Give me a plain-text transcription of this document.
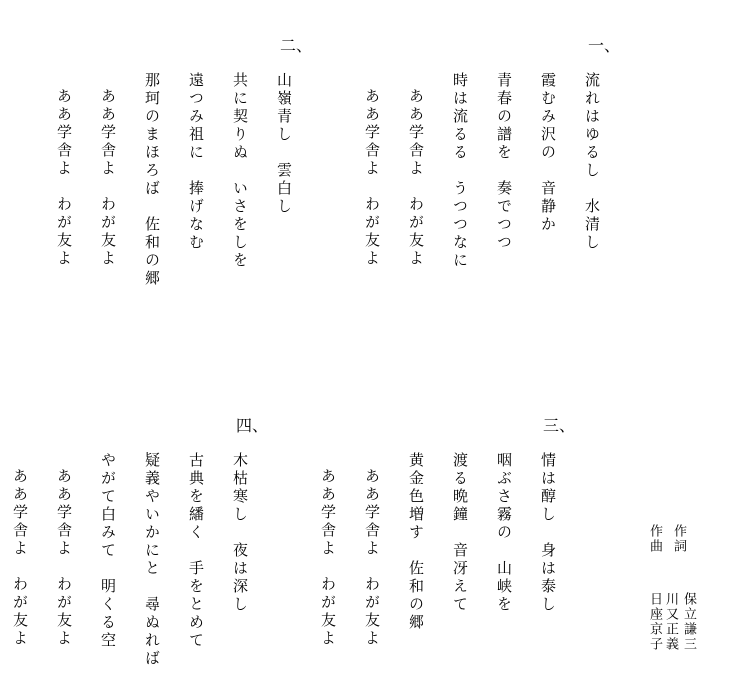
一、
流れはゆるし　水清し
霞むみ沢の　音静か
青春の譜を　奏でつつ
時は流るる　うつつなに
ああ学舎よ　わが友よ
ああ学舎よ　わが友よ
二、
山嶺青し　雲白し
共に契りぬ　いさをしを
遠つみ祖に　捧げなむ
那珂のまほろば　佐和の郷
ああ学舎よ　わが友よ
ああ学舎よ　わが友よ
三、
情は醇し　身は泰し
咽ぶさ霧の　山峡を
渡る晩鐘　音冴えて
黄金色増す　佐和の郷
ああ学舎よ　わが友よ
ああ学舎よ　わが友よ
四、
木枯寒し　夜は深し
古典を繙く　手をとめて
疑義やいかにと　尋ぬれば
やがて白みて　明くる空
ああ学舎よ　わが友よ
ああ学舎よ　わが友よ	作詞
保立謙三
川又正義
作曲
日座京子
